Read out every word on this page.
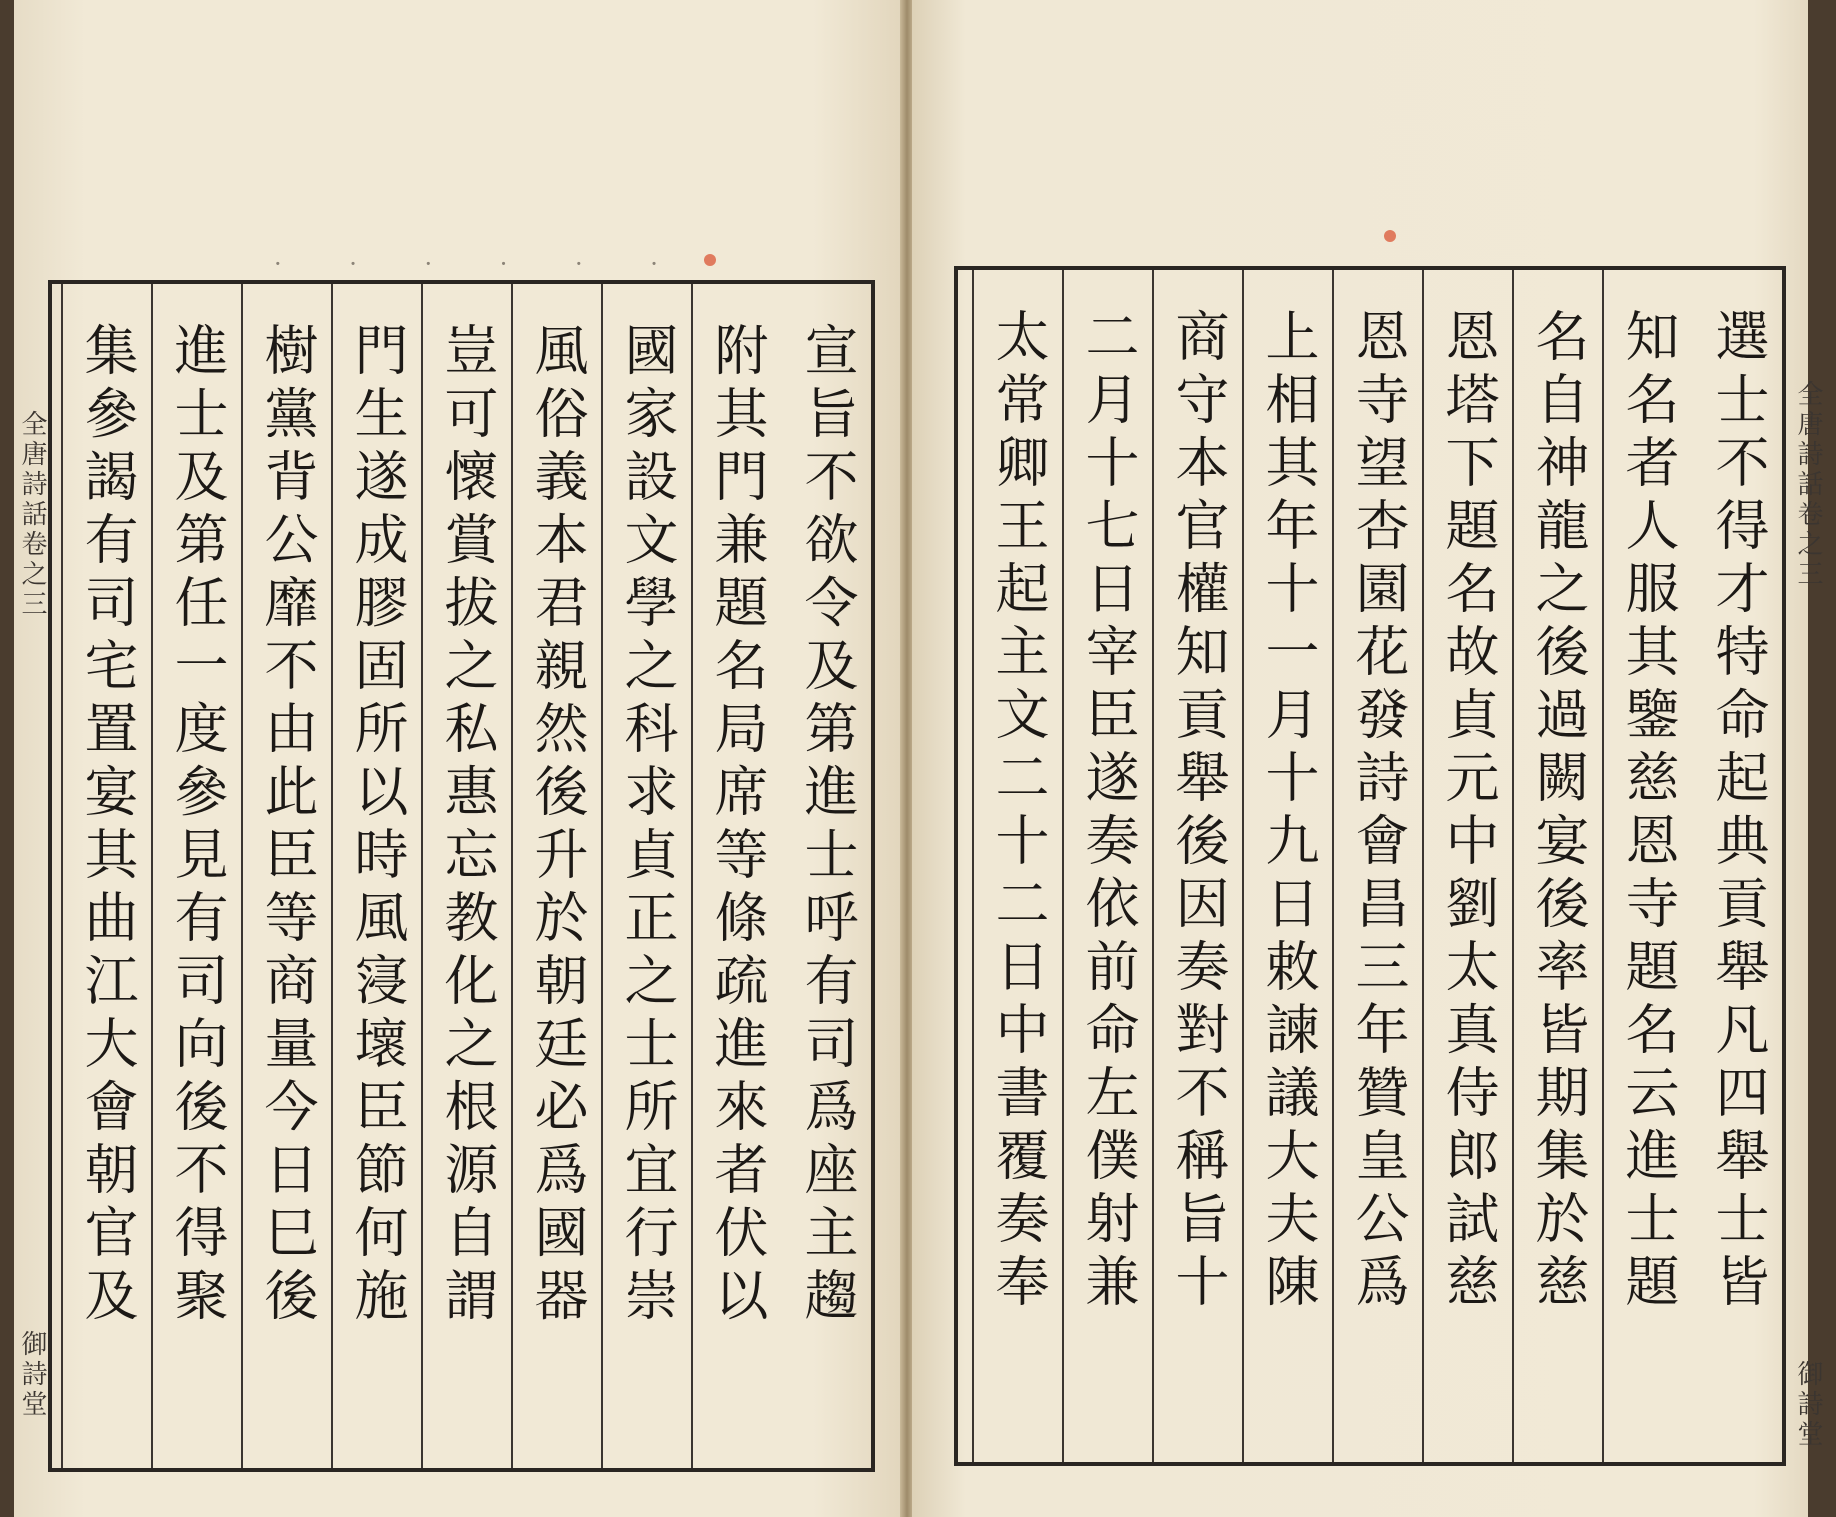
· · · · · ·
全唐詩話卷之三
御詩堂
全唐詩話卷之三
御詩堂
宣旨不欲令及第進士呼有司爲座主趨
附其門兼題名局席等條疏進來者伏以
國家設文學之科求貞正之士所宜行崇
風俗義本君親然後升於朝廷必爲國器
豈可懷賞拔之私惠忘教化之根源自謂
門生遂成膠固所以時風寖壞臣節何施
樹黨背公靡不由此臣等商量今日巳後
進士及第任一度參見有司向後不得聚
集參謁有司宅置宴其曲江大會朝官及	選士不得才特命起典貢舉凡四舉士皆
知名者人服其鑒慈恩寺題名云進士題
名自神龍之後過闕宴後率皆期集於慈
恩塔下題名故貞元中劉太真侍郎試慈
恩寺望杏園花發詩會昌三年贊皇公爲
上相其年十一月十九日敕諫議大夫陳
商守本官權知貢舉後因奏對不稱旨十
二月十七日宰臣遂奏依前命左僕射兼
太常卿王起主文二十二日中書覆奏奉
